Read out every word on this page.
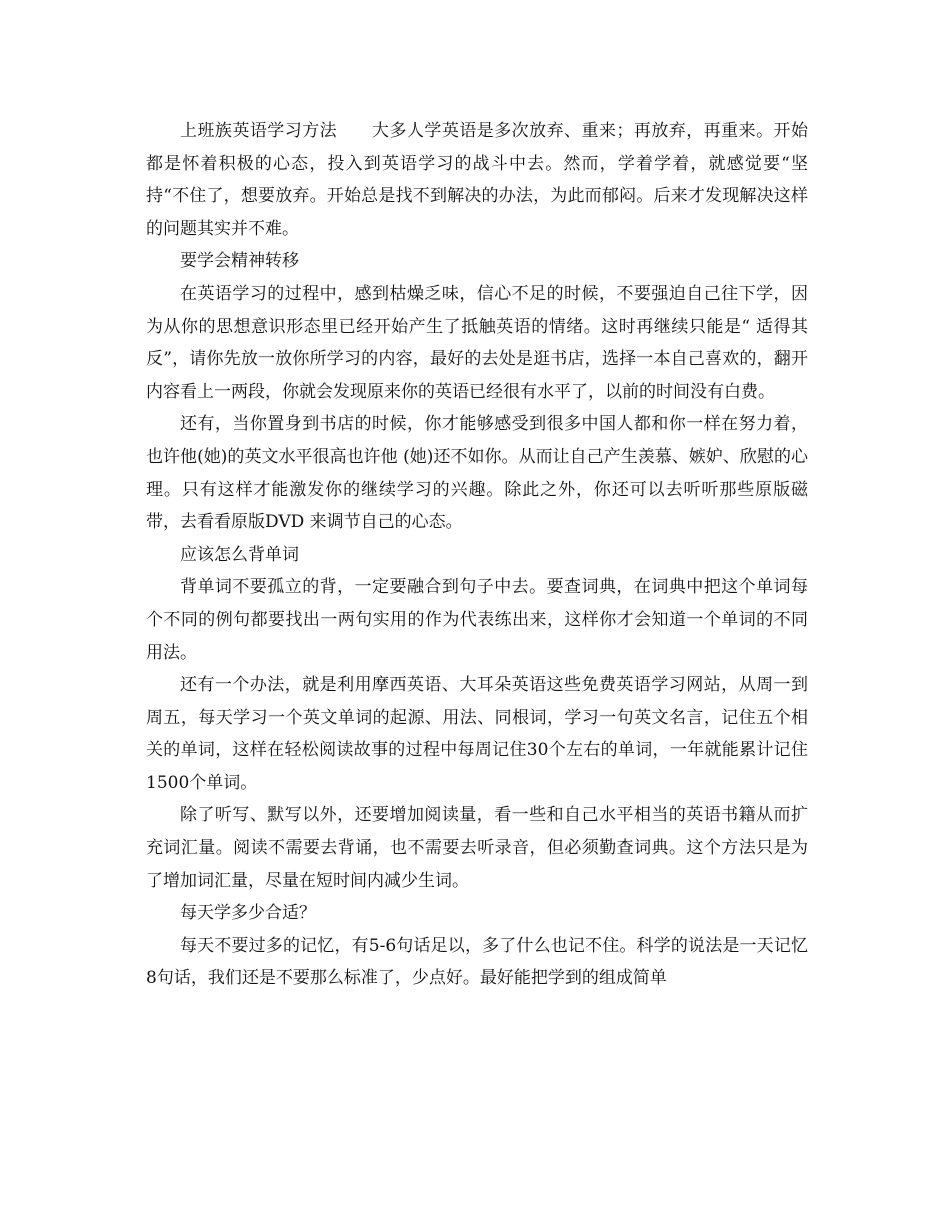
上班族英语学习方法　　大多人学英语是多次放弃、重来；再放弃，再重来。开始都是怀着积极的心态，投入到英语学习的战斗中去。然而，学着学着，就感觉要“坚持“不住了，想要放弃。开始总是找不到解决的办法，为此而郁闷。后来才发现解决这样的问题其实并不难。

要学会精神转移

在英语学习的过程中，感到枯燥乏味，信心不足的时候，不要强迫自己往下学，因为从你的思想意识形态里已经开始产生了抵触英语的情绪。这时再继续只能是“ 适得其反”，请你先放一放你所学习的内容，最好的去处是逛书店，选择一本自己喜欢的，翻开内容看上一两段，你就会发现原来你的英语已经很有水平了，以前的时间没有白费。

还有，当你置身到书店的时候，你才能够感受到很多中国人都和你一样在努力着，也许他(她)的英文水平很高也许他 (她)还不如你。从而让自己产生羡慕、嫉妒、欣慰的心理。只有这样才能激发你的继续学习的兴趣。除此之外，你还可以去听听那些原版磁带，去看看原版DVD 来调节自己的心态。

应该怎么背单词

背单词不要孤立的背，一定要融合到句子中去。要查词典，在词典中把这个单词每个不同的例句都要找出一两句实用的作为代表练出来，这样你才会知道一个单词的不同用法。

还有一个办法，就是利用摩西英语、大耳朵英语这些免费英语学习网站，从周一到周五，每天学习一个英文单词的起源、用法、同根词，学习一句英文名言，记住五个相关的单词，这样在轻松阅读故事的过程中每周记住30个左右的单词，一年就能累计记住1500个单词。

除了听写、默写以外，还要增加阅读量，看一些和自己水平相当的英语书籍从而扩充词汇量。阅读不需要去背诵，也不需要去听录音，但必须勤查词典。这个方法只是为了增加词汇量，尽量在短时间内减少生词。

每天学多少合适？

每天不要过多的记忆，有5-6句话足以，多了什么也记不住。科学的说法是一天记忆8句话，我们还是不要那么标准了，少点好。最好能把学到的组成简单
